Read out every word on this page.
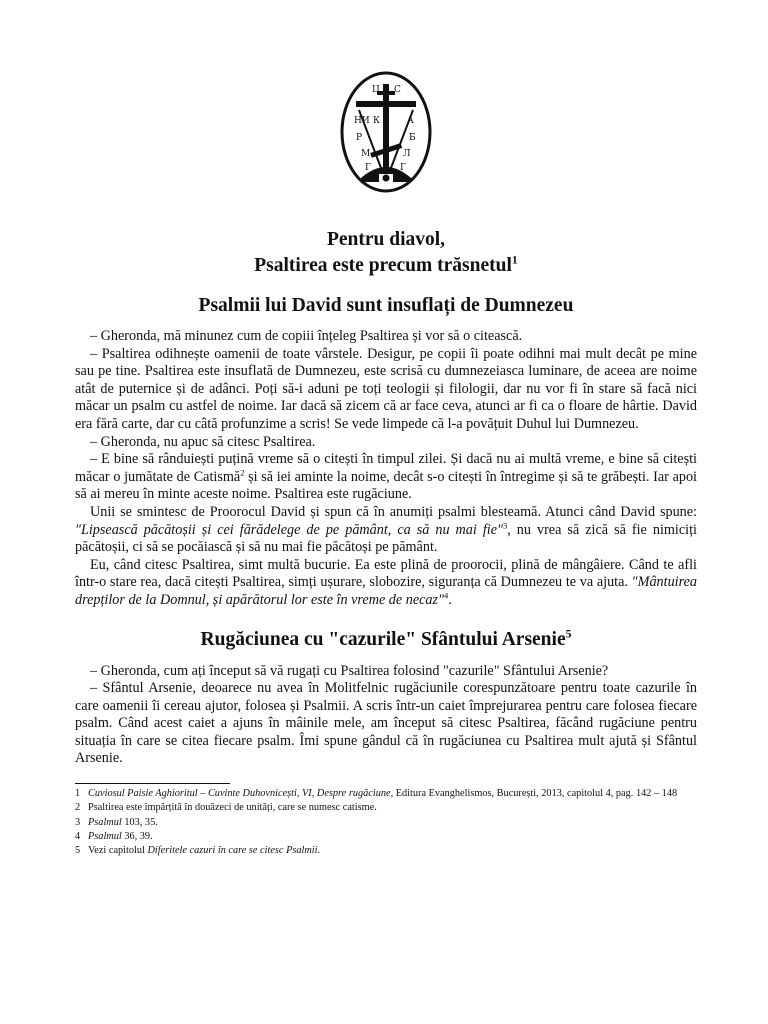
Ц С
НИ К	А
Р	Б
М	Л
Г	Г
Pentru diavol,
Psaltirea este precum trăsnetul$^1$
Psalmii lui David sunt insuflați de Dumnezeu

– Gheronda, mă minunez cum de copiii înțeleg Psaltirea și vor să o citească.

– Psaltirea odihnește oamenii de toate vârstele. Desigur, pe copii îi poate odihni mai mult decât pe mine sau pe tine. Psaltirea este insuflată de Dumnezeu, este scrisă cu dumnezeiasca luminare, de aceea are noime atât de puternice și de adânci. Poți să-i aduni pe toți teologii și filologii, dar nu vor fi în stare să facă nici măcar un psalm cu astfel de noime. Iar dacă să zicem că ar face ceva, atunci ar fi ca o floare de hârtie. David era fără carte, dar cu câtă profunzime a scris! Se vede limpede că l-a povățuit Duhul lui Dumnezeu.

– Gheronda, nu apuc să citesc Psaltirea.

– E bine să rânduiești puțină vreme să o citești în timpul zilei. Și dacă nu ai multă vreme, e bine să citești măcar o jumătate de Catismă$^2$ și să iei aminte la noime, decât s-o citești în întregime și să te grăbești. Iar apoi să ai mereu în minte aceste noime. Psaltirea este rugăciune.

Unii se smintesc de Proorocul David și spun că în anumiți psalmi blesteamă. Atunci când David spune: "Lipsească păcătoșii și cei fărădelege de pe pământ, ca să nu mai fie"$^3$, nu vrea să zică să fie nimiciți păcătoșii, ci să se pocăiască și să nu mai fie păcătoși pe pământ.

Eu, când citesc Psaltirea, simt multă bucurie. Ea este plină de proorocii, plină de mângâiere. Când te afli într-o stare rea, dacă citești Psaltirea, simți ușurare, slobozire, siguranța că Dumnezeu te va ajuta. "Mântuirea drepților de la Domnul, și apărătorul lor este în vreme de necaz"$^4$.

Rugăciunea cu "cazurile" Sfântului Arsenie$^5$

– Gheronda, cum ați început să vă rugați cu Psaltirea folosind "cazurile" Sfântului Arsenie?

– Sfântul Arsenie, deoarece nu avea în Molitfelnic rugăciunile corespunzătoare pentru toate cazurile în care oamenii îi cereau ajutor, folosea și Psalmii. A scris într-un caiet împrejurarea pentru care folosea fiecare psalm. Când acest caiet a ajuns în mâinile mele, am început să citesc Psaltirea, făcând rugăciune pentru situația în care se citea fiecare psalm. Îmi spune gândul că în rugăciunea cu Psaltirea mult ajută și Sfântul Arsenie.

1 Cuviosul Paisie Aghioritul – Cuvinte Duhovnicești, VI, Despre rugăciune, Editura Evanghelismos, București, 2013, capitolul 4, pag. 142 – 148
2 Psaltirea este împărțită în douăzeci de unități, care se numesc catisme.
3 Psalmul 103, 35.
4 Psalmul 36, 39.
5 Vezi capitolul Diferitele cazuri în care se citesc Psalmii.
